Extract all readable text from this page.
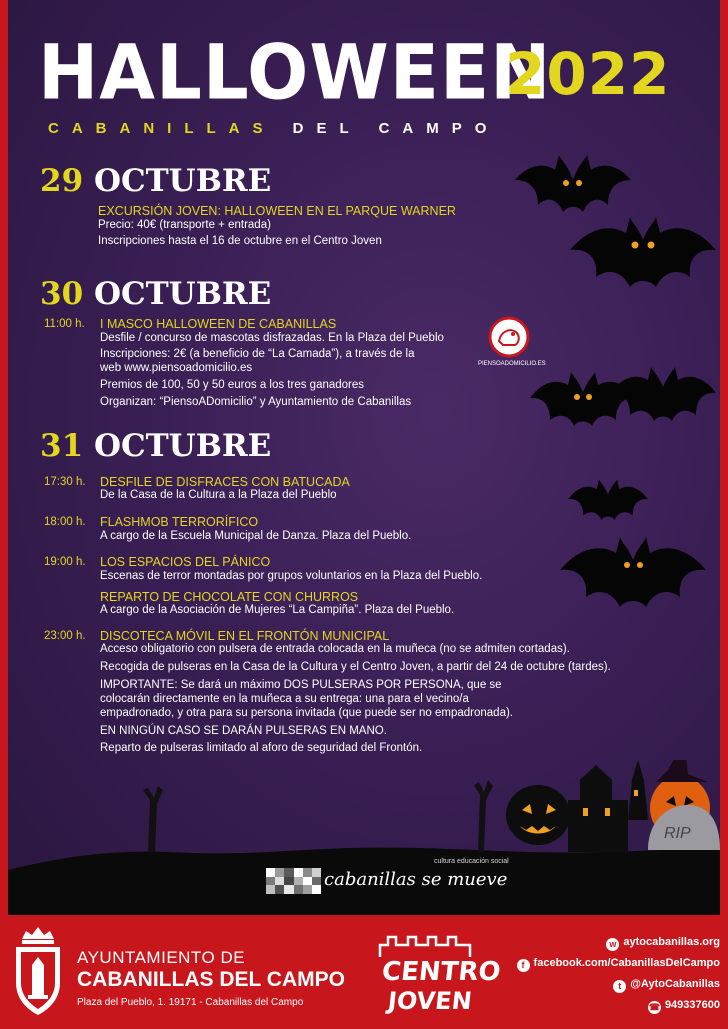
HALLOWEEN
2022
CABANILLAS DEL CAMPO
29 OCTUBRE
EXCURSIÓN JOVEN: HALLOWEEN EN EL PARQUE WARNER
Precio: 40€ (transporte + entrada)
Inscripciones hasta el 16 de octubre en el Centro Joven
30 OCTUBRE
11:00 h. I MASCO HALLOWEEN DE CABANILLAS
Desfile / concurso de mascotas disfrazadas. En la Plaza del Pueblo
Inscripciones: 2€ (a beneficio de “La Camada”), a través de la
web www.piensoadomicilio.es
Premios de 100, 50 y 50 euros a los tres ganadores
Organizan: “PiensoADomicilio” y Ayuntamiento de Cabanillas
PIENSOADOMICILIO.ES
31 OCTUBRE
17:30 h. DESFILE DE DISFRACES CON BATUCADA
De la Casa de la Cultura a la Plaza del Pueblo
18:00 h. FLASHMOB TERRORÍFICO
A cargo de la Escuela Municipal de Danza. Plaza del Pueblo.
19:00 h. LOS ESPACIOS DEL PÁNICO
Escenas de terror montadas por grupos voluntarios en la Plaza del Pueblo.
REPARTO DE CHOCOLATE CON CHURROS
A cargo de la Asociación de Mujeres “La Campiña”. Plaza del Pueblo.
23:00 h. DISCOTECA MÓVIL EN EL FRONTÓN MUNICIPAL
Acceso obligatorio con pulsera de entrada colocada en la muñeca (no se admiten cortadas).
Recogida de pulseras en la Casa de la Cultura y el Centro Joven, a partir del 24 de octubre (tardes).
IMPORTANTE: Se dará un máximo DOS PULSERAS POR PERSONA, que se
colocarán directamente en la muñeca a su entrega: una para el vecino/a
empadronado, y otra para su persona invitada (que puede ser no empadronada).
EN NINGÚN CASO SE DARÁN PULSERAS EN MANO.
Reparto de pulseras limitado al aforo de seguridad del Frontón.
RIP
cultura educación social
cabanillas se mueve
AYUNTAMIENTO DE
CABANILLAS DEL CAMPO
Plaza del Pueblo, 1. 19171 - Cabanillas del Campo
CENTRO
JOVEN
w aytocabanillas.org
f facebook.com/CabanillasDelCampo
t @AytoCabanillas
☎ 949337600
